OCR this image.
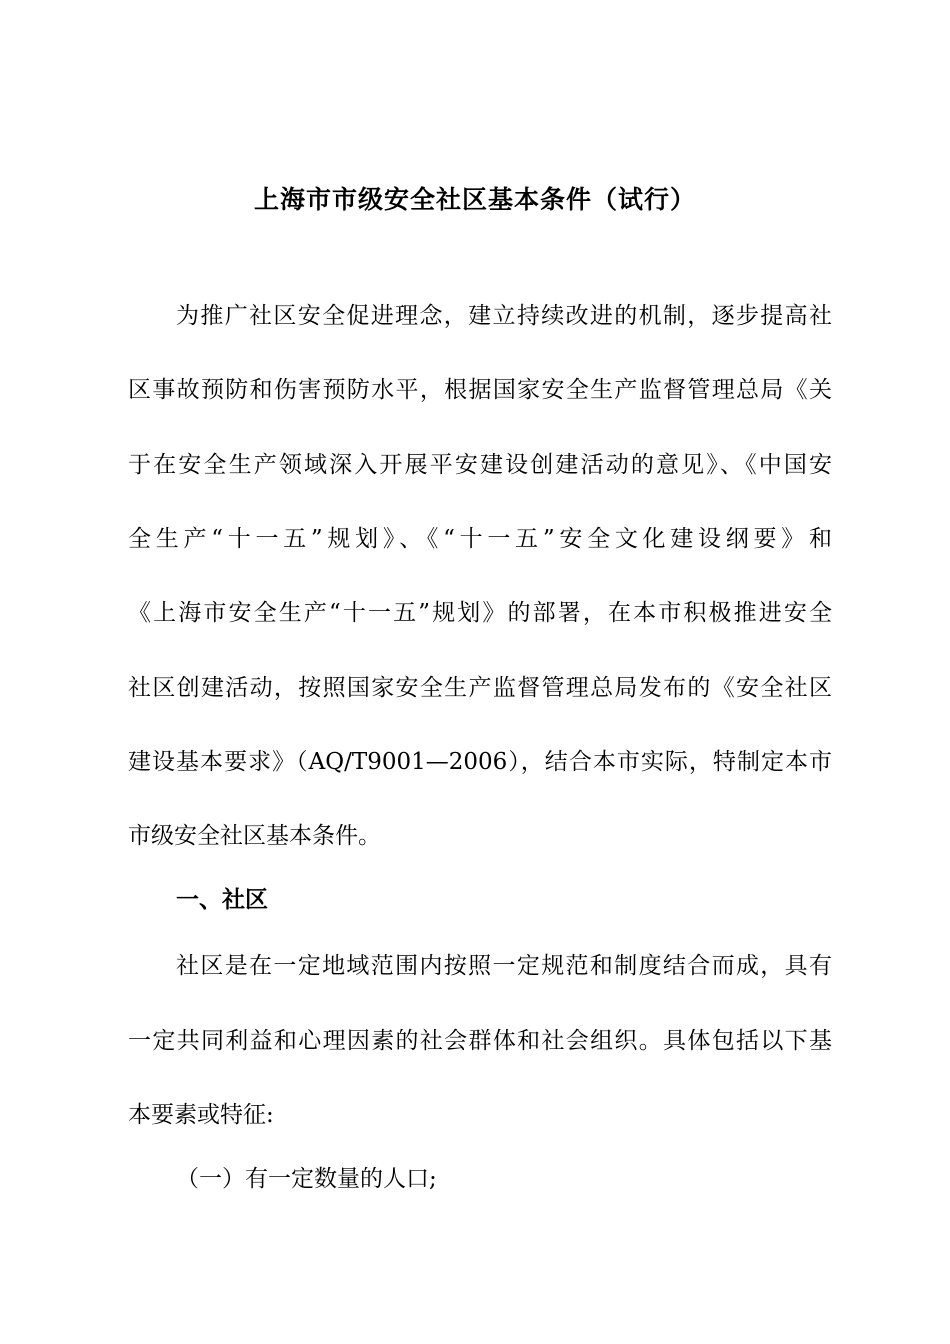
上海市市级安全社区基本条件（试行）
为推广社区安全促进理念，建立持续改进的机制，逐步提高社
区事故预防和伤害预防水平，根据国家安全生产监督管理总局《关
于在安全生产领域深入开展平安建设创建活动的意见》、《中国安
全生产“十一五”规划》、《“十一五”安全文化建设纲要》和
《上海市安全生产“十一五”规划》的部署，在本市积极推进安全
社区创建活动，按照国家安全生产监督管理总局发布的《安全社区
建设基本要求》（AQ/T9001—2006），结合本市实际，特制定本市
市级安全社区基本条件。
一、社区
社区是在一定地域范围内按照一定规范和制度结合而成，具有
一定共同利益和心理因素的社会群体和社会组织。具体包括以下基
本要素或特征:
（一）有一定数量的人口;
